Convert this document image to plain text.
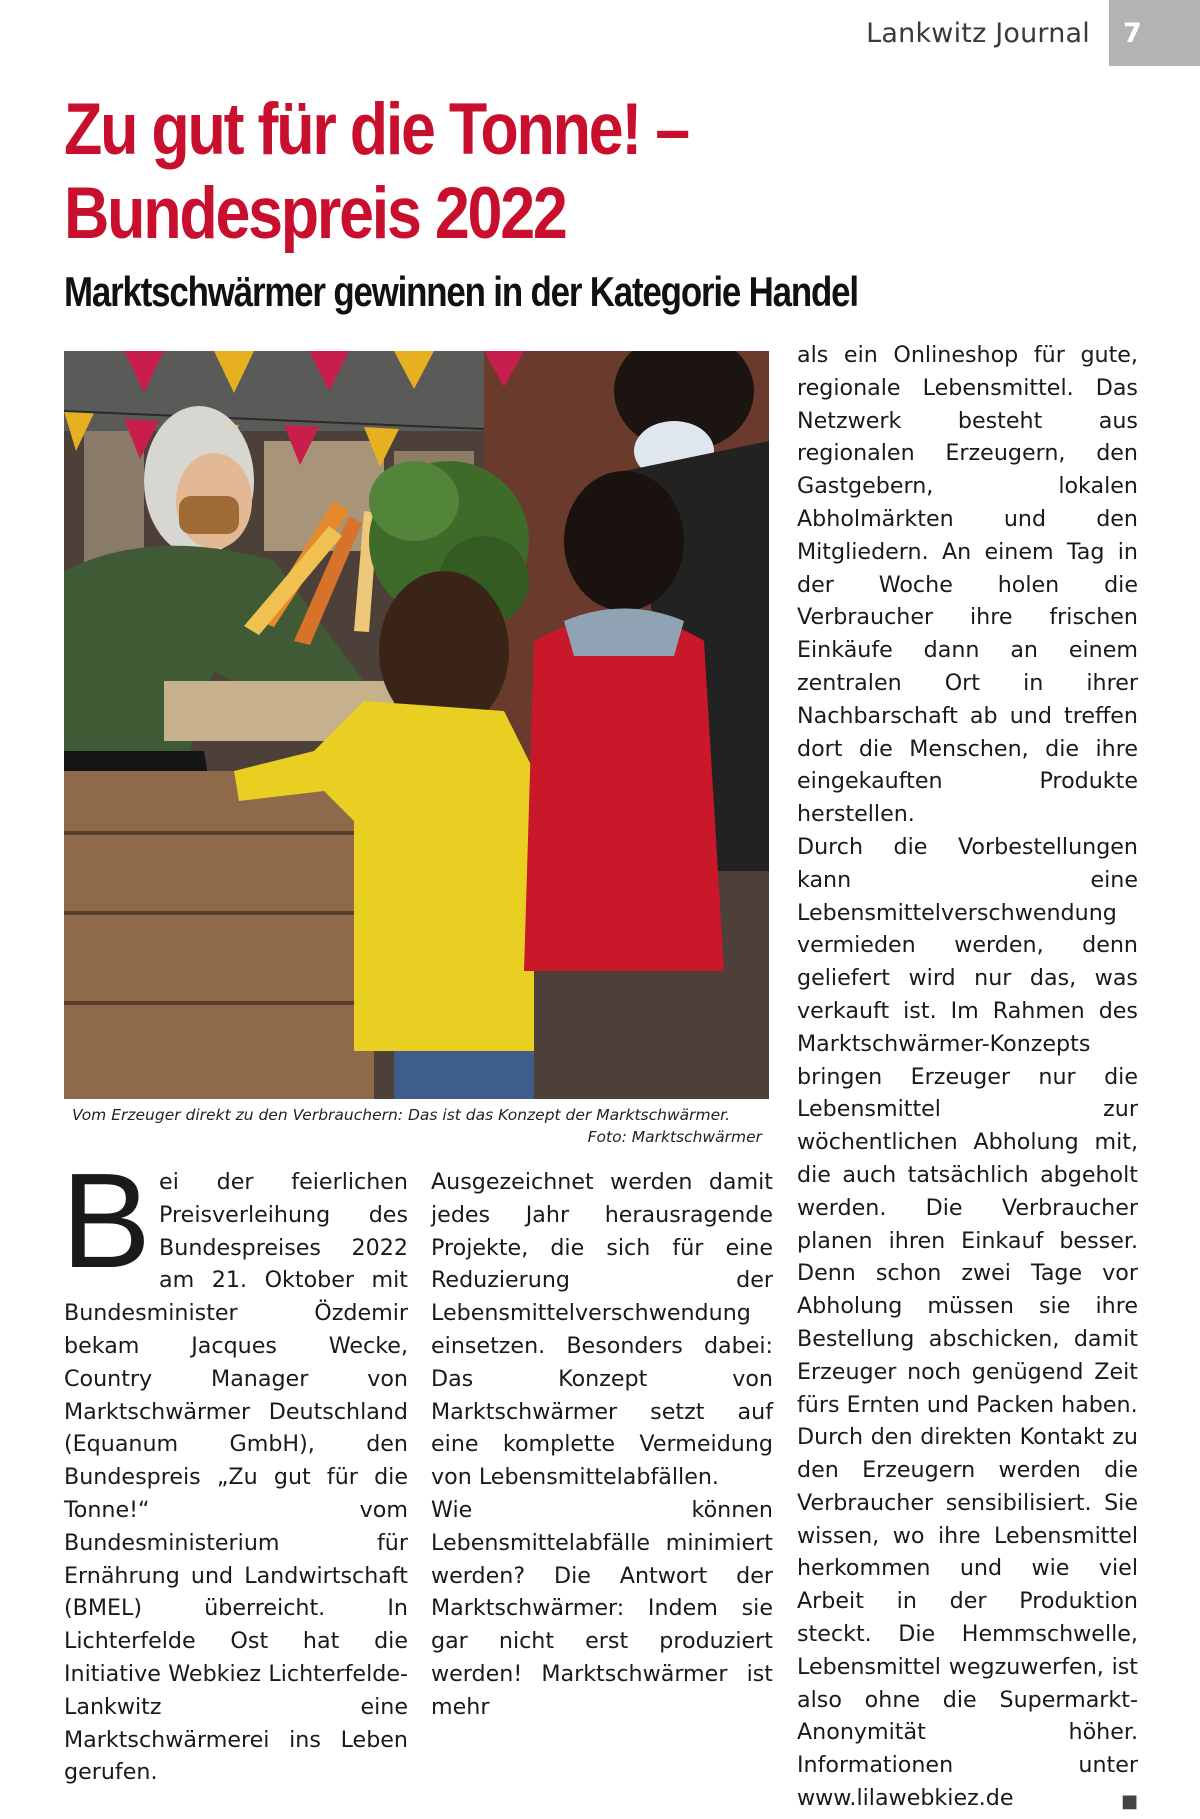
Lankwitz Journal 7
Zu gut für die Tonne! –
Bundespreis 2022
Marktschwärmer gewinnen in der Kategorie Handel
Vom Erzeuger direkt zu den Verbrauchern: Das ist das Konzept der Marktschwärmer.
Foto: Marktschwärmer

Bei der feierlichen Preisverleihung des Bundespreises 2022 am 21. Oktober mit Bundesminister Özdemir bekam Jacques Wecke, Country Manager von Marktschwärmer Deutschland (Equanum GmbH), den Bundespreis „Zu gut für die Tonne!“ vom Bundesministerium für Ernährung und Landwirtschaft (BMEL) überreicht. In Lichterfelde Ost hat die Initiative Webkiez Lichterfelde-Lankwitz eine Marktschwärmerei ins Leben gerufen.

Ausgezeichnet werden damit jedes Jahr herausragende Projekte, die sich für eine Reduzierung der Lebensmittelverschwendung einsetzen. Besonders dabei: Das Konzept von Marktschwärmer setzt auf eine komplette Vermeidung von Lebensmittelabfällen.

Wie können Lebensmittelabfälle minimiert werden? Die Antwort der Marktschwärmer: Indem sie gar nicht erst produziert werden! Marktschwärmer ist mehr

als ein Onlineshop für gute, regionale Lebensmittel. Das Netzwerk besteht aus regionalen Erzeugern, den Gastgebern, lokalen Abholmärkten und den Mitgliedern. An einem Tag in der Woche holen die Verbraucher ihre frischen Einkäufe dann an einem zentralen Ort in ihrer Nachbarschaft ab und treffen dort die Menschen, die ihre eingekauften Produkte herstellen.

Durch die Vorbestellungen kann eine Lebensmittelverschwendung vermieden werden, denn geliefert wird nur das, was verkauft ist. Im Rahmen des Marktschwärmer-Konzepts bringen Erzeuger nur die Lebensmittel zur wöchentlichen Abholung mit, die auch tatsächlich abgeholt werden. Die Verbraucher planen ihren Einkauf besser. Denn schon zwei Tage vor Abholung müssen sie ihre Bestellung abschicken, damit Erzeuger noch genügend Zeit fürs Ernten und Packen haben.

Durch den direkten Kontakt zu den Erzeugern werden die Verbraucher sensibilisiert. Sie wissen, wo ihre Lebensmittel herkommen und wie viel Arbeit in der Produktion steckt. Die Hemmschwelle, Lebensmittel wegzuwerfen, ist also ohne die Supermarkt-Anonymität höher. Informationen unter www.lilawebkiez.de	■
